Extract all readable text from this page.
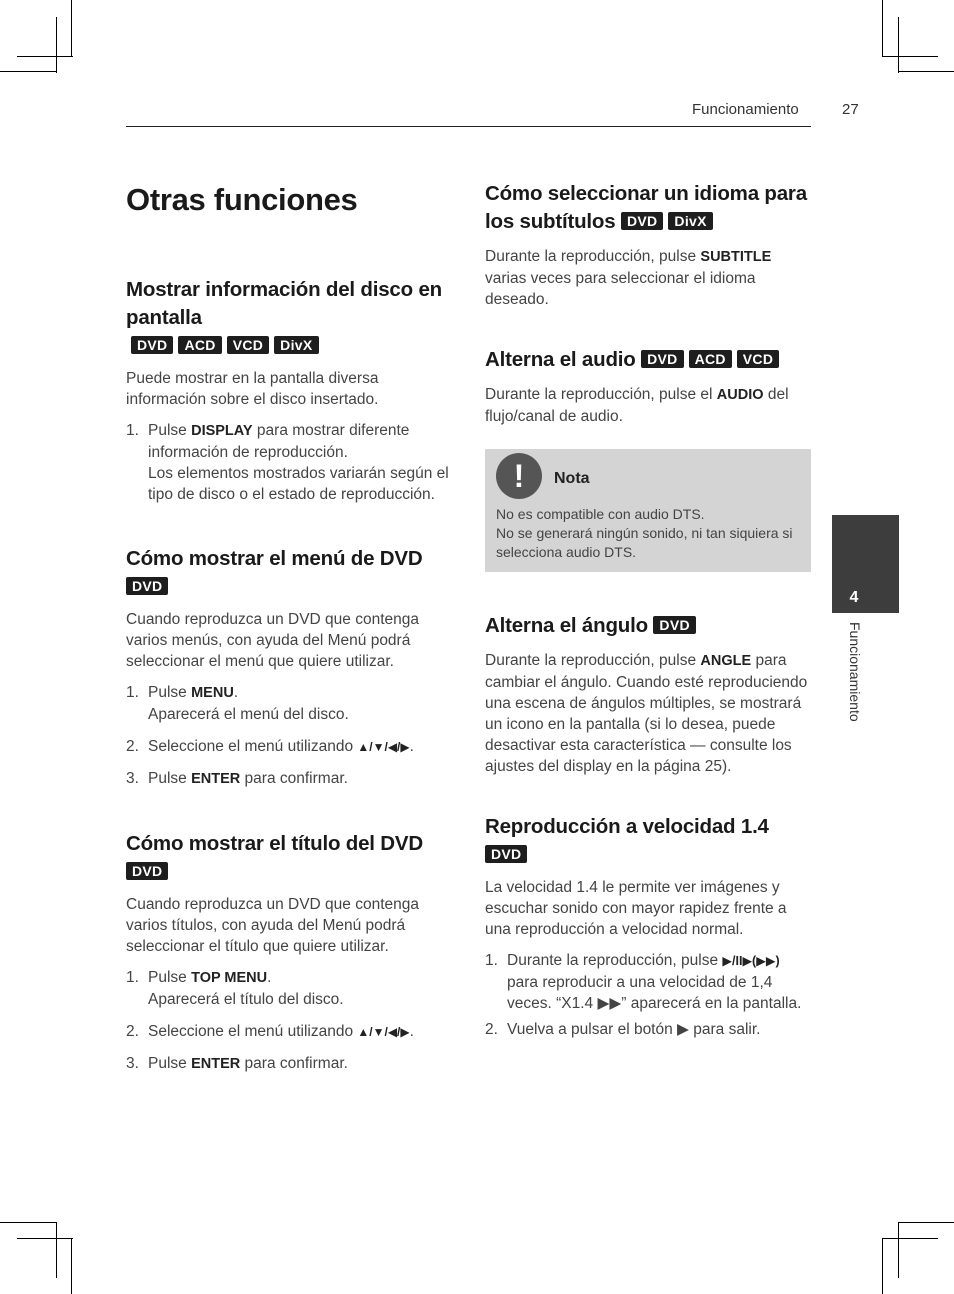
Funcionamiento	27
4
Funcionamiento
Otras funciones
Mostrar información del disco en pantalla
DVD ACD VCD DivX

Puede mostrar en la pantalla diversa información sobre el disco insertado.

1. Pulse DISPLAY para mostrar diferente información de reproducción.
Los elementos mostrados variarán según el tipo de disco o el estado de reproducción.
Cómo mostrar el menú de DVD
DVD

Cuando reproduzca un DVD que contenga varios menús, con ayuda del Menú podrá seleccionar el menú que quiere utilizar.

1. Pulse MENU.
Aparecerá el menú del disco.
2. Seleccione el menú utilizando ▲/▼/◀/▶.
3. Pulse ENTER para confirmar.
Cómo mostrar el título del DVD
DVD

Cuando reproduzca un DVD que contenga varios títulos, con ayuda del Menú podrá seleccionar el título que quiere utilizar.

1. Pulse TOP MENU.
Aparecerá el título del disco.
2. Seleccione el menú utilizando ▲/▼/◀/▶.
3. Pulse ENTER para confirmar.
Cómo seleccionar un idioma para los subtítulos DVD DivX

Durante la reproducción, pulse SUBTITLE varias veces para seleccionar el idioma deseado.

Alterna el audio DVD ACD VCD

Durante la reproducción, pulse el AUDIO del flujo/canal de audio.

!	Nota
No es compatible con audio DTS.
No se generará ningún sonido, ni tan siquiera si selecciona audio DTS.
Alterna el ángulo DVD

Durante la reproducción, pulse ANGLE para cambiar el ángulo. Cuando esté reproduciendo una escena de ángulos múltiples, se mostrará un icono en la pantalla (si lo desea, puede desactivar esta característica — consulte los ajustes del display en la página 25).

Reproducción a velocidad 1.4
DVD

La velocidad 1.4 le permite ver imágenes y escuchar sonido con mayor rapidez frente a una reproducción a velocidad normal.

1. Durante la reproducción, pulse ▶/II▶(▶▶) para reproducir a una velocidad de 1,4 veces. “X1.4 ▶▶” aparecerá en la pantalla.
2. Vuelva a pulsar el botón ▶ para salir.
